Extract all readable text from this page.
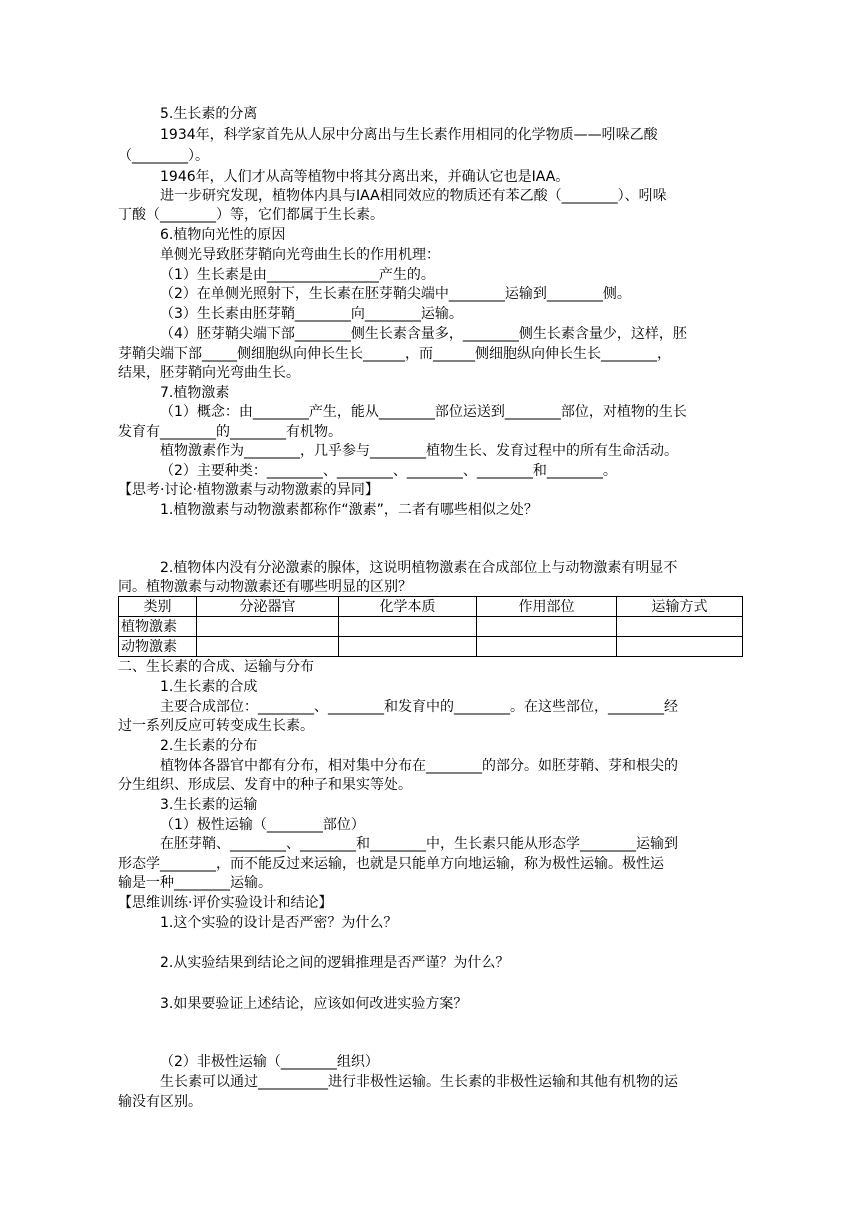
5.生长素的分离
1934年，科学家首先从人尿中分离出与生长素作用相同的化学物质——吲哚乙酸
（________）。
1946年，人们才从高等植物中将其分离出来，并确认它也是IAA。
进一步研究发现，植物体内具与IAA相同效应的物质还有苯乙酸（________）、吲哚
丁酸（________）等，它们都属于生长素。
6.植物向光性的原因
单侧光导致胚芽鞘向光弯曲生长的作用机理：
（1）生长素是由________________产生的。
（2）在单侧光照射下，生长素在胚芽鞘尖端中________运输到________侧。
（3）生长素由胚芽鞘________向________运输。
（4）胚芽鞘尖端下部________侧生长素含量多，________侧生长素含量少，这样，胚
芽鞘尖端下部_____侧细胞纵向伸长生长______，而______侧细胞纵向伸长生长________，
结果，胚芽鞘向光弯曲生长。
7.植物激素
（1）概念：由________产生，能从________部位运送到________部位，对植物的生长
发育有________的________有机物。
植物激素作为________，几乎参与________植物生长、发育过程中的所有生命活动。
（2）主要种类：________、________、________、________和________。
【思考·讨论·植物激素与动物激素的异同】
1.植物激素与动物激素都称作“激素”，二者有哪些相似之处？
2.植物体内没有分泌激素的腺体，这说明植物激素在合成部位上与动物激素有明显不
同。植物激素与动物激素还有哪些明显的区别？
类别	分泌器官	化学本质	作用部位	运输方式
植物激素				
动物激素				
二、生长素的合成、运输与分布
1.生长素的合成
主要合成部位：________、________和发育中的________。在这些部位，________经
过一系列反应可转变成生长素。
2.生长素的分布
植物体各器官中都有分布，相对集中分布在________的部分。如胚芽鞘、芽和根尖的
分生组织、形成层、发育中的种子和果实等处。
3.生长素的运输
（1）极性运输（________部位）
在胚芽鞘、________、________和________中，生长素只能从形态学________运输到
形态学________，而不能反过来运输，也就是只能单方向地运输，称为极性运输。极性运
输是一种________运输。
【思维训练·评价实验设计和结论】
1.这个实验的设计是否严密？为什么？
2.从实验结果到结论之间的逻辑推理是否严谨？为什么？
3.如果要验证上述结论，应该如何改进实验方案？
（2）非极性运输（________组织）
生长素可以通过__________进行非极性运输。生长素的非极性运输和其他有机物的运
输没有区别。
